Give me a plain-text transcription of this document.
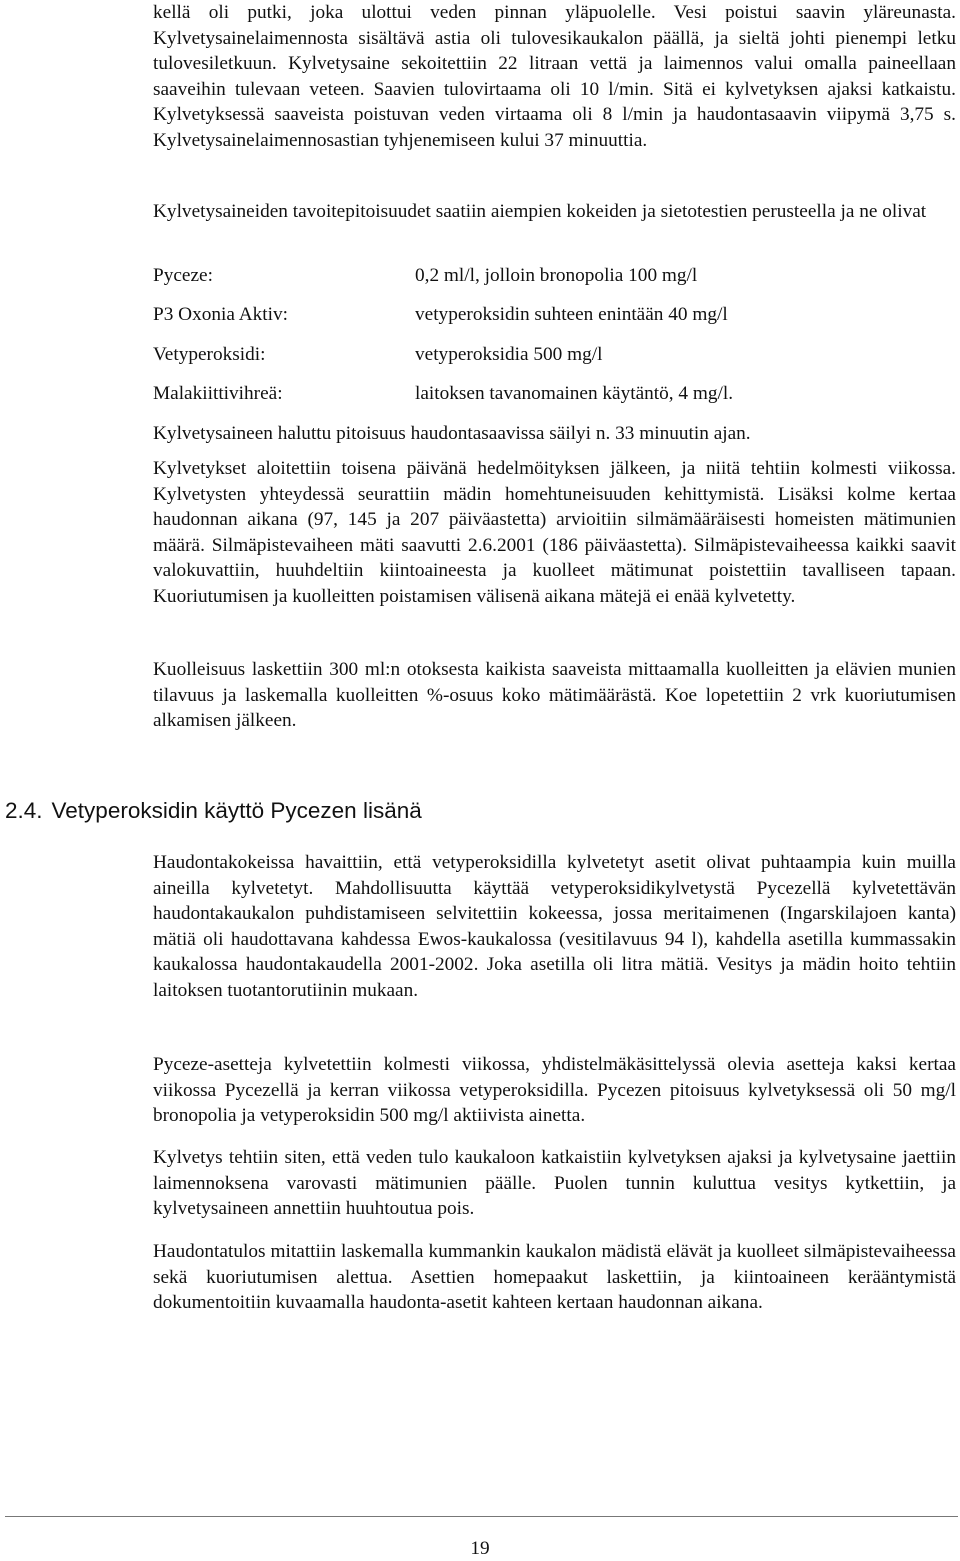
kellä oli putki, joka ulottui veden pinnan yläpuolelle. Vesi poistui saavin yläreunasta. Kylvetysainelaimennosta sisältävä astia oli tulovesikaukalon päällä, ja sieltä johti pienempi letku tulovesiletkuun. Kylvetysaine sekoitettiin 22 litraan vettä ja laimennos valui omalla paineellaan saaveihin tulevaan veteen. Saavien tulovirtaama oli 10 l/min. Sitä ei kylvetyksen ajaksi katkaistu. Kylvetyksessä saaveista poistuvan veden virtaama oli 8 l/min ja haudontasaavin viipymä 3,75 s. Kylvetysainelaimennosastian tyhjenemiseen kului 37 minuuttia.

Kylvetysaineiden tavoitepitoisuudet saatiin aiempien kokeiden ja sietotestien perusteella ja ne olivat

Pyceze:	0,2 ml/l, jolloin bronopolia 100 mg/l
P3 Oxonia Aktiv:	vetyperoksidin suhteen enintään 40 mg/l
Vetyperoksidi:	vetyperoksidia 500 mg/l
Malakiittivihreä:	laitoksen tavanomainen käytäntö, 4 mg/l.

Kylvetysaineen haluttu pitoisuus haudontasaavissa säilyi n. 33 minuutin ajan.

Kylvetykset aloitettiin toisena päivänä hedelmöityksen jälkeen, ja niitä tehtiin kolmesti viikossa. Kylvetysten yhteydessä seurattiin mädin homehtuneisuuden kehittymistä. Lisäksi kolme kertaa haudonnan aikana (97, 145 ja 207 päiväastetta) arvioitiin silmämääräisesti homeisten mätimunien määrä. Silmäpistevaiheen mäti saavutti 2.6.2001 (186 päiväastetta). Silmäpistevaiheessa kaikki saavit valokuvattiin, huuhdeltiin kiintoaineesta ja kuolleet mätimunat poistettiin tavalliseen tapaan. Kuoriutumisen ja kuolleitten poistamisen välisenä aikana mätejä ei enää kylvetetty.

Kuolleisuus laskettiin 300 ml:n otoksesta kaikista saaveista mittaamalla kuolleitten ja elävien munien tilavuus ja laskemalla kuolleitten %-osuus koko mätimäärästä. Koe lopetettiin 2 vrk kuoriutumisen alkamisen jälkeen.

2.4. Vetyperoksidin käyttö Pycezen lisänä

Haudontakokeissa havaittiin, että vetyperoksidilla kylvetetyt asetit olivat puhtaampia kuin muilla aineilla kylvetetyt. Mahdollisuutta käyttää vetyperoksidikylvetystä Pycezellä kylvetettävän haudontakaukalon puhdistamiseen selvitettiin kokeessa, jossa meritaimenen (Ingarskilajoen kanta) mätiä oli haudottavana kahdessa Ewos-kaukalossa (vesitilavuus 94 l), kahdella asetilla kummassakin kaukalossa haudontakaudella 2001-2002. Joka asetilla oli litra mätiä. Vesitys ja mädin hoito tehtiin laitoksen tuotantorutiinin mukaan.

Pyceze-asetteja kylvetettiin kolmesti viikossa, yhdistelmäkäsittelyssä olevia asetteja kaksi kertaa viikossa Pycezellä ja kerran viikossa vetyperoksidilla. Pycezen pitoisuus kylvetyksessä oli 50 mg/l bronopolia ja vetyperoksidin 500 mg/l aktiivista ainetta.

Kylvetys tehtiin siten, että veden tulo kaukaloon katkaistiin kylvetyksen ajaksi ja kylvetysaine jaettiin laimennoksena varovasti mätimunien päälle. Puolen tunnin kuluttua vesitys kytkettiin, ja kylvetysaineen annettiin huuhtoutua pois.

Haudontatulos mitattiin laskemalla kummankin kaukalon mädistä elävät ja kuolleet silmäpistevaiheessa sekä kuoriutumisen alettua. Asettien homepaakut laskettiin, ja kiintoaineen kerääntymistä dokumentoitiin kuvaamalla haudonta-asetit kahteen kertaan haudonnan aikana.

19
